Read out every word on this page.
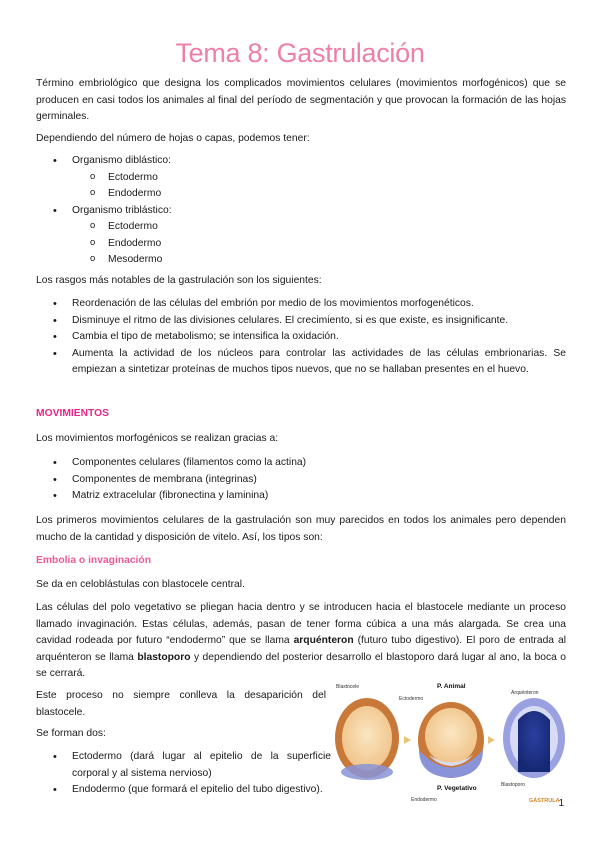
Tema 8: Gastrulación

Término embriológico que designa los complicados movimientos celulares (movimientos morfogénicos) que se producen en casi todos los animales al final del período de segmentación y que provocan la formación de las hojas germinales.

Dependiendo del número de hojas o capas, podemos tener:

• Organismo diblástico:
o Ectodermo
o Endodermo
• Organismo triblástico:
o Ectodermo
o Endodermo
o Mesodermo

Los rasgos más notables de la gastrulación son los siguientes:

• Reordenación de las células del embrión por medio de los movimientos morfogenéticos.
• Disminuye el ritmo de las divisiones celulares. El crecimiento, si es que existe, es insignificante.
• Cambia el tipo de metabolismo; se intensifica la oxidación.
• Aumenta la actividad de los núcleos para controlar las actividades de las células embrionarias. Se empiezan a sintetizar proteínas de muchos tipos nuevos, que no se hallaban presentes en el huevo.

MOVIMIENTOS

Los movimientos morfogénicos se realizan gracias a:

• Componentes celulares (filamentos como la actina)
• Componentes de membrana (integrinas)
• Matriz extracelular (fibronectina y laminina)

Los primeros movimientos celulares de la gastrulación son muy parecidos en todos los animales pero dependen mucho de la cantidad y disposición de vitelo. Así, los tipos son:

Embolia o invaginación

Se da en celoblástulas con blastocele central.

Las células del polo vegetativo se pliegan hacia dentro y se introducen hacia el blastocele mediante un proceso llamado invaginación. Estas células, además, pasan de tener forma cúbica a una más alargada. Se crea una cavidad rodeada por futuro “endodermo” que se llama arquénteron (futuro tubo digestivo). El poro de entrada al arquénteron se llama blastoporo y dependiendo del posterior desarrollo el blastoporo dará lugar al ano, la boca o se cerrará.

Este proceso no siempre conlleva la desaparición del blastocele.

Se forman dos:

• Ectodermo (dará lugar al epitelio de la superficie corporal y al sistema nervioso)
• Endodermo (que formará el epitelio del tubo digestivo).
Blastocele
Ectodermo
P. Animal
Arquénteron
P. Vegetativo
Endodermo
Blastoporo
GÁSTRULA
1
